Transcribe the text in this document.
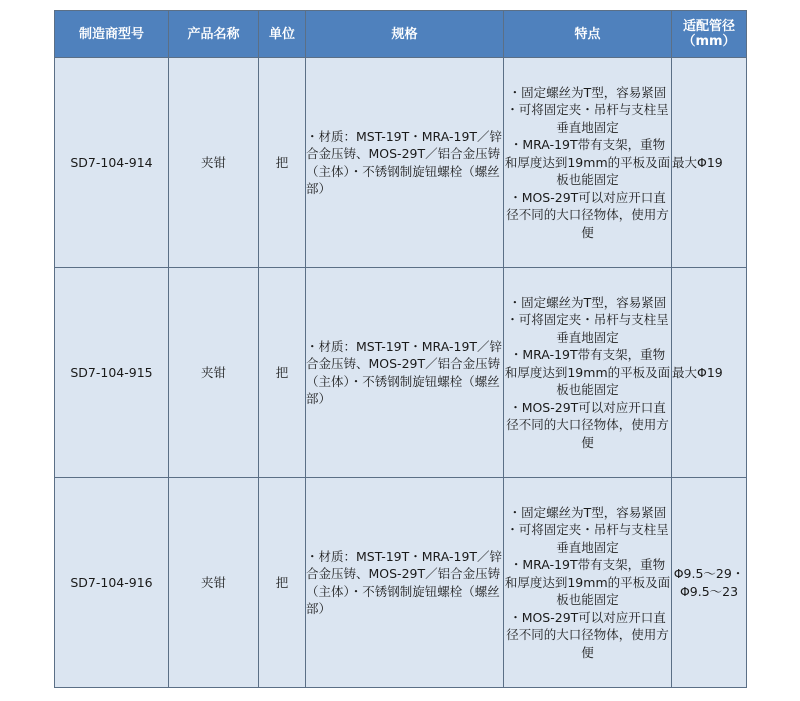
制造商型号	产品名称	单位	规格	特点	适配管径（mm）
SD7-104-914	夹钳	把	・材质：MST-19T・MRA-19T／锌合金压铸、MOS-29T／铝合金压铸（主体）・不锈钢制旋钮螺栓（螺丝部）	・固定螺丝为T型，容易紧固
・可将固定夹・吊杆与支柱呈垂直地固定
・MRA-19T带有支架，重物和厚度达到19mm的平板及面板也能固定
・MOS-29T可以对应开口直径不同的大口径物体，使用方便	最大Φ19
SD7-104-915	夹钳	把	・材质：MST-19T・MRA-19T／锌合金压铸、MOS-29T／铝合金压铸（主体）・不锈钢制旋钮螺栓（螺丝部）	・固定螺丝为T型，容易紧固
・可将固定夹・吊杆与支柱呈垂直地固定
・MRA-19T带有支架，重物和厚度达到19mm的平板及面板也能固定
・MOS-29T可以对应开口直径不同的大口径物体，使用方便	最大Φ19
SD7-104-916	夹钳	把	・材质：MST-19T・MRA-19T／锌合金压铸、MOS-29T／铝合金压铸（主体）・不锈钢制旋钮螺栓（螺丝部）	・固定螺丝为T型，容易紧固
・可将固定夹・吊杆与支柱呈垂直地固定
・MRA-19T带有支架，重物和厚度达到19mm的平板及面板也能固定
・MOS-29T可以对应开口直径不同的大口径物体，使用方便	Φ9.5～29・Φ9.5～23
